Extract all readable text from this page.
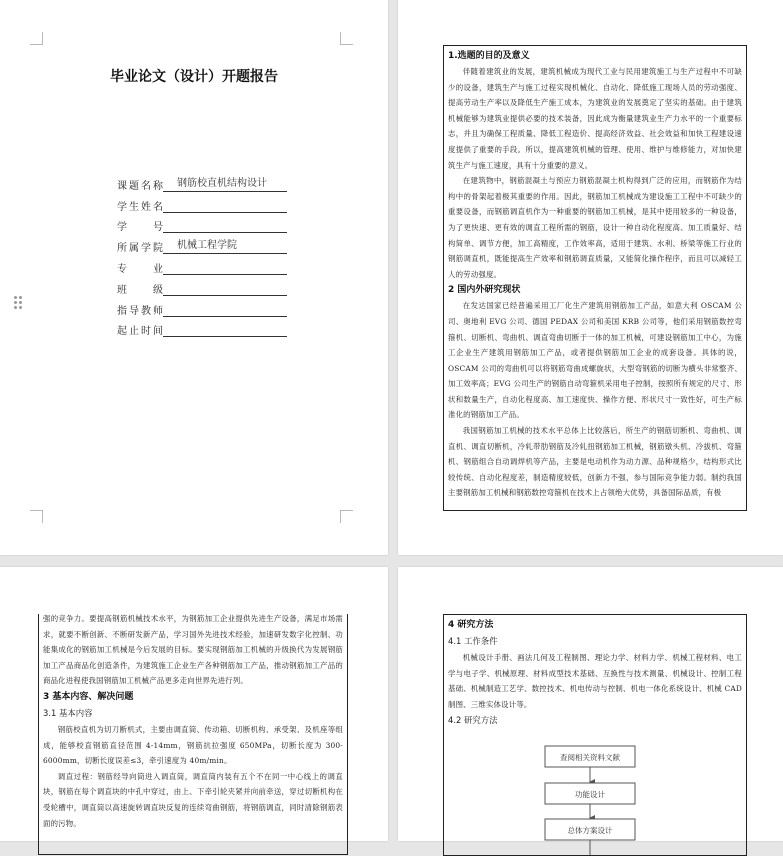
毕业论文（设计）开题报告
课题名称	钢筋校直机结构设计
学生姓名
学　　号
所属学院	机械工程学院
专　　业
班　　级
指导教师
起止时间
1.选题的目的及意义
伴随着建筑业的发展，建筑机械成为现代工业与民用建筑施工与生产过程中不可缺少的设备，建筑生产与施工过程实现机械化、自动化、降低施工现场人员的劳动强度、提高劳动生产率以及降低生产施工成本，为建筑业的发展奠定了坚实的基础。由于建筑机械能够为建筑业提供必要的技术装备，因此成为衡量建筑业生产力水平的一个重要标志，并且为确保工程质量、降低工程造价、提高经济效益、社会效益和加快工程建设速度提供了重要的手段。所以，提高建筑机械的管理、使用、维护与维修能力，对加快建筑生产与施工速度，具有十分重要的意义。
在建筑物中，钢筋混凝土与预应力钢筋混凝土机构得到广泛的应用，而钢筋作为结构中的骨架起着极其重要的作用。因此，钢筋加工机械成为建设施工工程中不可缺少的重要设备，而钢筋调直机作为一种重要的钢筋加工机械，是其中使用较多的一种设备，为了更快速、更有效的调直工程所需的钢筋，设计一种自动化程度高、加工质量好、结构简单、调节方便，加工高精度，工作效率高，适用于建筑、水利、桥梁等施工行业的钢筋调直机，既能提高生产效率和钢筋调直质量，又能简化操作程序，而且可以减轻工人的劳动强度。
2 国内外研究现状
在发达国家已经普遍采用工厂化生产建筑用钢筋加工产品，如意大利 OSCAM 公司、奥地利 EVG 公司、德国 PEDAX 公司和美国 KRB 公司等，他们采用钢筋数控弯箍机、切断机、弯曲机、调直弯曲切断于一体的加工机械，可建设钢筋加工中心，为施工企业生产建筑用钢筋加工产品，或者提供钢筋加工企业的成套设备。具体的说，OSCAM 公司的弯曲机可以将钢筋弯曲成螺旋状，大型弯钢筋的切断为横头非常整齐、加工效率高；EVG 公司生产的钢筋自动弯箍机采用电子控制，按照所有规定的尺寸、形状和数量生产，自动化程度高、加工速度快、操作方便、形状尺寸一致性好，可生产标准化的钢筋加工产品。
我国钢筋加工机械的技术水平总体上比较落后，所生产的钢筋切断机、弯曲机、调直机、调直切断机，冷轧带肋钢筋及冷轧扭钢筋加工机械，钢筋镦头机、冷拔机、弯箍机、钢筋组合自动调焊机等产品，主要是电动机作为动力源、品种规格少，结构形式比较传统、自动化程度差，制造精度较低，创新力不强，参与国际竞争能力弱。制约我国主要钢筋加工机械和钢筋数控弯箍机在技术上占领绝大优势，具备国际品质，有极
强的竞争力。要提高钢筋机械技术水平，为钢筋加工企业提供先进生产设备，满足市场需求，就要不断创新、不断研发新产品，学习国外先进技术经验，加速研发数字化控制、功能集成化的钢筋加工机械是今后发展的目标。要实现钢筋加工机械的升级换代为发展钢筋加工产品商品化创造条件，为建筑施工企业生产各种钢筋加工产品，推动钢筋加工产品的商品化进程使我国钢筋加工机械产品更多走向世界先进行列。
3 基本内容、解决问题
3.1 基本内容
钢筋校直机为切刀断机式，主要由调直筒、传动箱、切断机构、承受架、及机座等组成，能够校直钢筋直径范围 4-14mm，钢筋抗拉强度 650MPa，切断长度为 300-6000mm，切断长度误差≤3，牵引速度为 40m/min。
调直过程：钢筋经导向筒进入调直筒，调直筒内装有五个不在同一中心线上的调直块，钢筋在每个调直块的中孔中穿过，由上、下牵引轮夹紧并向前牵送，穿过切断机构在受轮槽中，调直筒以高速旋转调直块反复的连续弯曲钢筋，将钢筋调直，同时清除钢筋表面的污物。
4 研究方法
4.1 工作条件
机械设计手册、画法几何及工程制图、理论力学、材料力学、机械工程材料、电工学与电子学、机械原理、材料成型技术基础、互换性与技术测量、机械设计、控制工程基础、机械制造工艺学、数控技术、机电传动与控制、机电一体化系统设计、机械 CAD 制图、三维实体设计等。
4.2 研究方法
查阅相关资料文献
功能设计
总体方案设计
